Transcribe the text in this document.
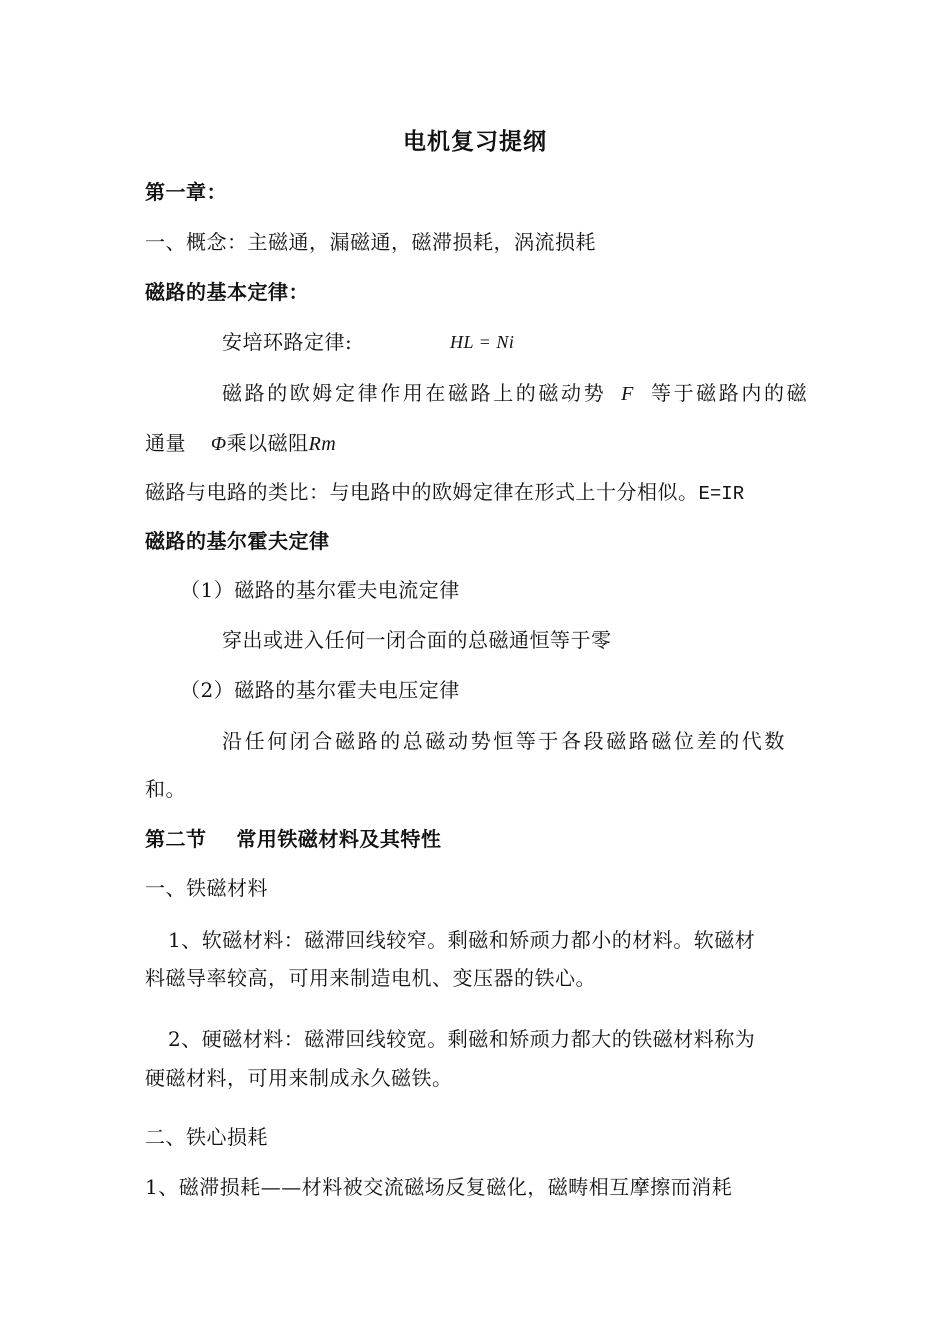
电机复习提纲
第一章：
一、概念：主磁通，漏磁通，磁滞损耗，涡流损耗
磁路的基本定律：
安培环路定律:	HL = Ni
磁路的欧姆定律作用在磁路上的磁动势 F 等于磁路内的磁
通量 Φ乘以磁阻Rm
磁路与电路的类比：与电路中的欧姆定律在形式上十分相似。E=IR
磁路的基尔霍夫定律
（1）磁路的基尔霍夫电流定律
穿出或进入任何一闭合面的总磁通恒等于零
（2）磁路的基尔霍夫电压定律
沿任何闭合磁路的总磁动势恒等于各段磁路磁位差的代数
和。
第二节    常用铁磁材料及其特性
一、铁磁材料
1、软磁材料：磁滞回线较窄。剩磁和矫顽力都小的材料。软磁材
料磁导率较高，可用来制造电机、变压器的铁心。
2、硬磁材料：磁滞回线较宽。剩磁和矫顽力都大的铁磁材料称为
硬磁材料，可用来制成永久磁铁。
二、铁心损耗
1、磁滞损耗——材料被交流磁场反复磁化，磁畴相互摩擦而消耗
